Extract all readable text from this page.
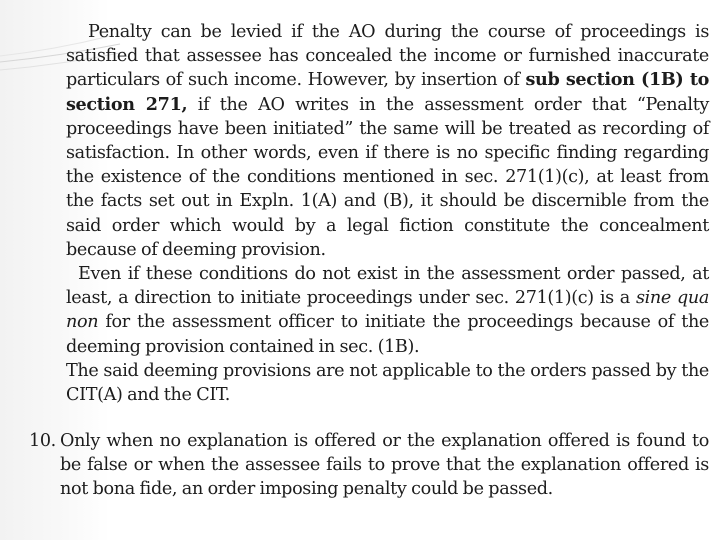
Penalty can be levied if the AO during the course of proceedings is satisfied that assessee has concealed the income or furnished inaccurate particulars of such income. However, by insertion of sub section (1B) to section 271, if the AO writes in the assessment order that “Penalty proceedings have been initiated” the same will be treated as recording of satisfaction. In other words, even if there is no specific finding regarding the existence of the conditions mentioned in sec. 271(1)(c), at least from the facts set out in Expln. 1(A) and (B), it should be discernible from the said order which would by a legal fiction constitute the concealment because of deeming provision.

Even if these conditions do not exist in the assessment order passed, at least, a direction to initiate proceedings under sec. 271(1)(c) is a sine qua non for the assessment officer to initiate the proceedings because of the deeming provision contained in sec. (1B).

The said deeming provisions are not applicable to the orders passed by the CIT(A) and the CIT.

10. Only when no explanation is offered or the explanation offered is found to be false or when the assessee fails to prove that the explanation offered is not bona fide, an order imposing penalty could be passed.
